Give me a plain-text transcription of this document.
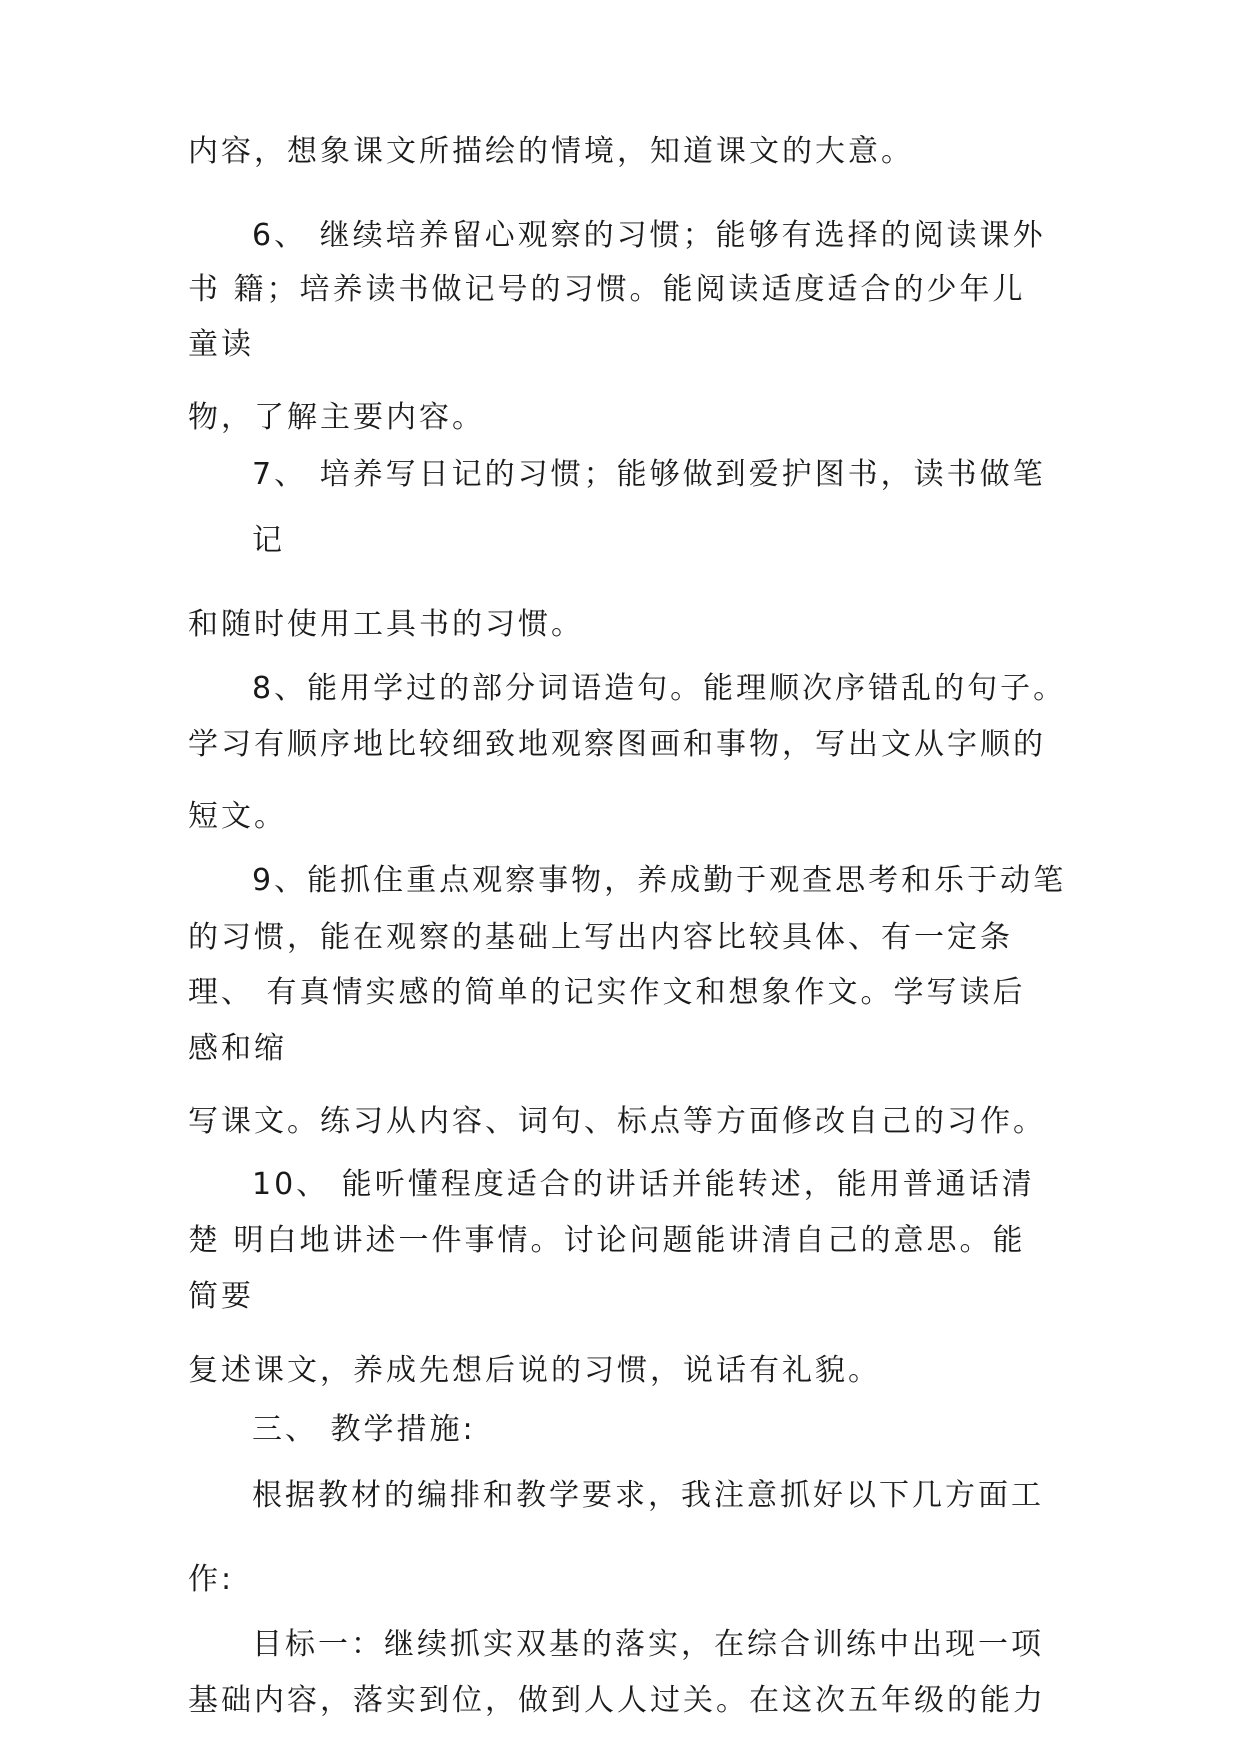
内容，想象课文所描绘的情境，知道课文的大意。
6、 继续培养留心观察的习惯；能够有选择的阅读课外
书 籍；培养读书做记号的习惯。能阅读适度适合的少年儿
童读
物，了解主要内容。
7、 培养写日记的习惯；能够做到爱护图书，读书做笔
记
和随时使用工具书的习惯。
8、能用学过的部分词语造句。能理顺次序错乱的句子。
学习有顺序地比较细致地观察图画和事物，写出文从字顺的
短文。
9、能抓住重点观察事物，养成勤于观查思考和乐于动笔
的习惯，能在观察的基础上写出内容比较具体、有一定条
理、 有真情实感的简单的记实作文和想象作文。学写读后
感和缩
写课文。练习从内容、词句、标点等方面修改自己的习作。
10、 能听懂程度适合的讲话并能转述，能用普通话清
楚 明白地讲述一件事情。讨论问题能讲清自己的意思。能
简要
复述课文，养成先想后说的习惯，说话有礼貌。
三、 教学措施:
根据教材的编排和教学要求，我注意抓好以下几方面工
作:
目标一：继续抓实双基的落实，在综合训练中出现一项
基础内容，落实到位，做到人人过关。在这次五年级的能力
